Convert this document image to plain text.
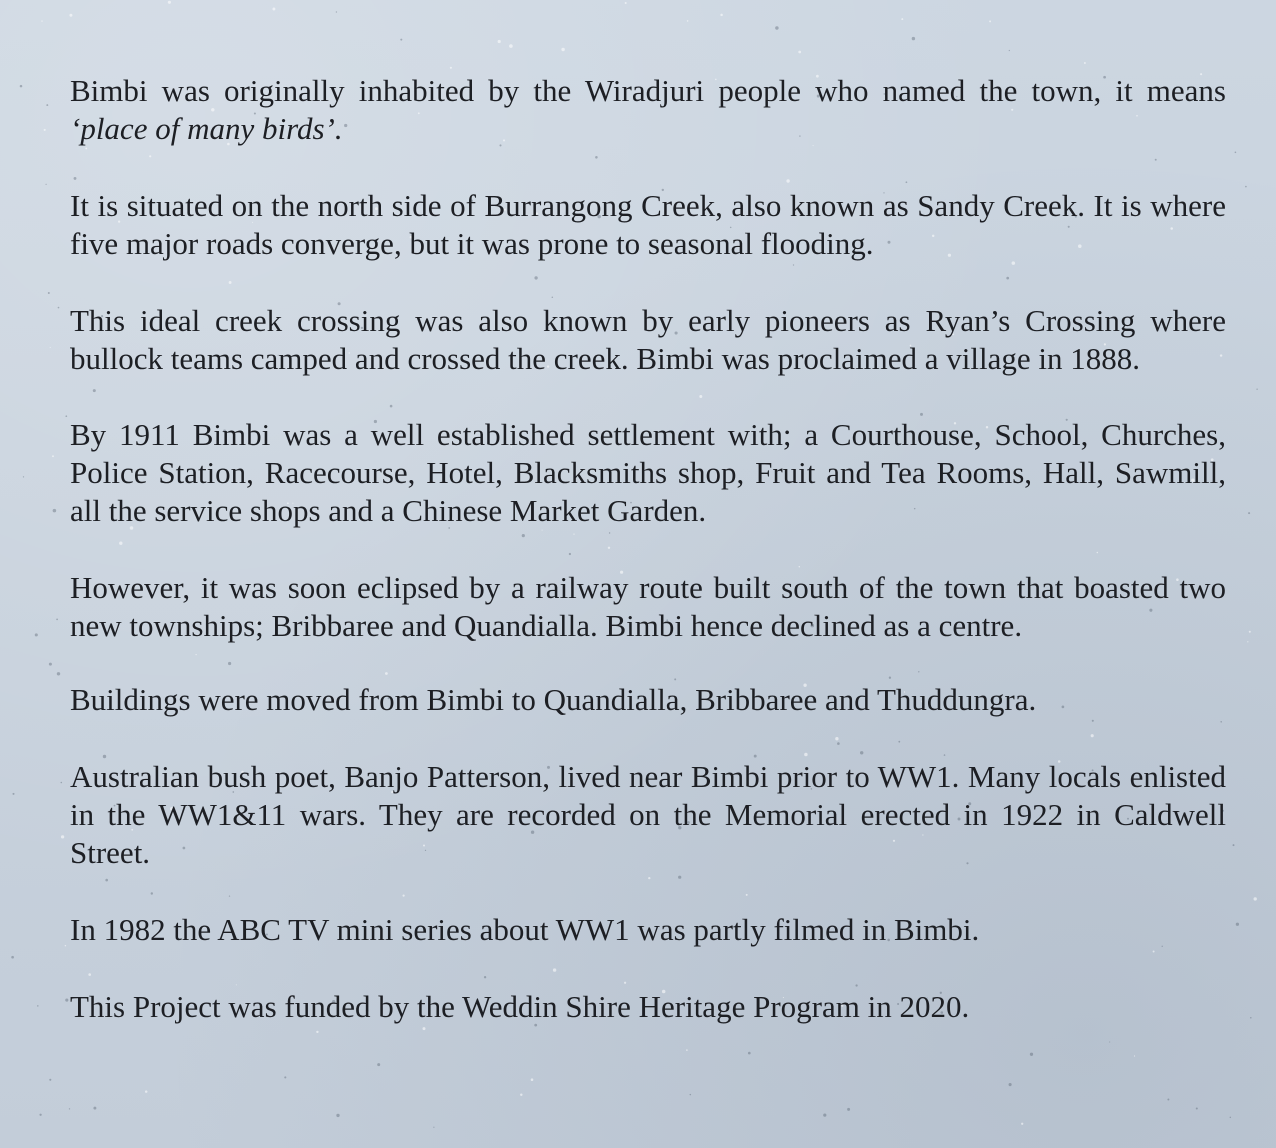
Bimbi was originally inhabited by the Wiradjuri people who named the town, it means ‘place of many birds’.

It is situated on the north side of Burrangong Creek, also known as Sandy Creek. It is where five major roads converge, but it was prone to seasonal flooding.

This ideal creek crossing was also known by early pioneers as Ryan’s Crossing where bullock teams camped and crossed the creek. Bimbi was proclaimed a village in 1888.

By 1911 Bimbi was a well established settlement with; a Courthouse, School, Churches, Police Station, Racecourse, Hotel, Blacksmiths shop, Fruit and Tea Rooms, Hall, Sawmill, all the service shops and a Chinese Market Garden.

However, it was soon eclipsed by a railway route built south of the town that boasted two new townships; Bribbaree and Quandialla. Bimbi hence declined as a centre.

Buildings were moved from Bimbi to Quandialla, Bribbaree and Thuddungra.

Australian bush poet, Banjo Patterson, lived near Bimbi prior to WW1. Many locals enlisted in the WW1&11 wars. They are recorded on the Memorial erected in 1922 in Caldwell Street.

In 1982 the ABC TV mini series about WW1 was partly filmed in Bimbi.

This Project was funded by the Weddin Shire Heritage Program in 2020.
